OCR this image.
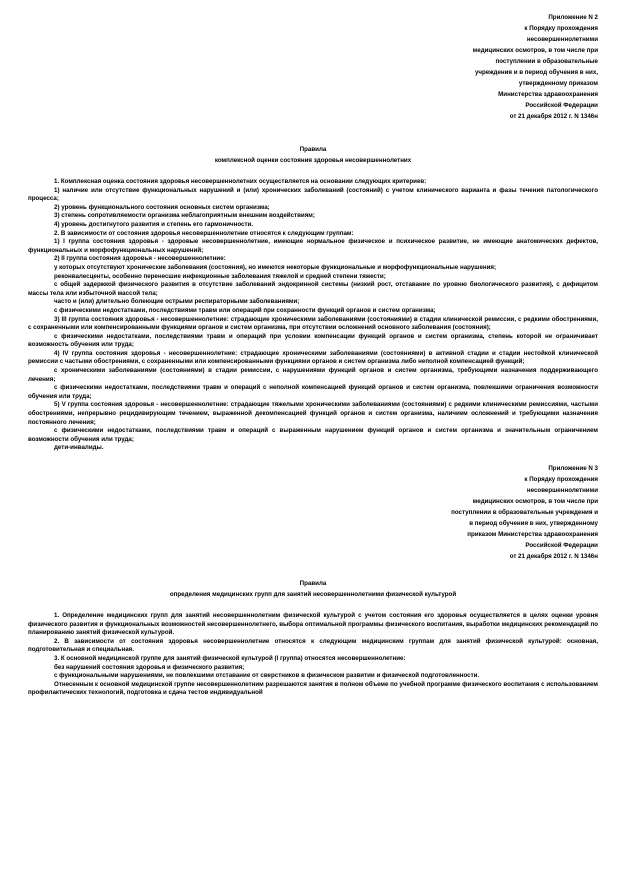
Приложение N 2
к Порядку прохождения
несовершеннолетними
медицинских осмотров, в том числе при
поступлении в образовательные
учреждения и в период обучения в них,
утвержденному приказом
Министерства здравоохранения
Российской Федерации
от 21 декабря 2012 г. N 1346н
Правила
комплексной оценки состояния здоровья несовершеннолетних

1. Комплексная оценка состояния здоровья несовершеннолетних осуществляется на основании следующих критериев:

1) наличие или отсутствие функциональных нарушений и (или) хронических заболеваний (состояний) с учетом клинического варианта и фазы течения патологического процесса;

2) уровень функционального состояния основных систем организма;

3) степень сопротивляемости организма неблагоприятным внешним воздействиям;

4) уровень достигнутого развития и степень его гармоничности.

2. В зависимости от состояния здоровья несовершеннолетние относятся к следующим группам:

1) I группа состояния здоровья - здоровые несовершеннолетние, имеющие нормальное физическое и психическое развитие, не имеющие анатомических дефектов, функциональных и морфофункциональных нарушений;

2) II группа состояния здоровья - несовершеннолетние:

у которых отсутствуют хронические заболевания (состояния), но имеются некоторые функциональные и морфофункциональные нарушения;

реконвалесценты, особенно перенесшие инфекционные заболевания тяжелой и средней степени тяжести;

с общей задержкой физического развития в отсутствие заболеваний эндокринной системы (низкий рост, отставание по уровню биологического развития), с дефицитом массы тела или избыточной массой тела;

часто и (или) длительно болеющие острыми респираторными заболеваниями;

с физическими недостатками, последствиями травм или операций при сохранности функций органов и систем организма;

3) III группа состояния здоровья - несовершеннолетние: страдающие хроническими заболеваниями (состояниями) в стадии клинической ремиссии, с редкими обострениями, с сохраненными или компенсированными функциями органов и систем организма, при отсутствии осложнений основного заболевания (состояния);

с физическими недостатками, последствиями травм и операций при условии компенсации функций органов и систем организма, степень которой не ограничивает возможность обучения или труда;

4) IV группа состояния здоровья - несовершеннолетние: страдающие хроническими заболеваниями (состояниями) в активной стадии и стадии нестойкой клинической ремиссии с частыми обострениями, с сохраненными или компенсированными функциями органов и систем организма либо неполной компенсацией функций;

с хроническими заболеваниями (состояниями) в стадии ремиссии, с нарушениями функций органов и систем организма, требующими назначения поддерживающего лечения;

с физическими недостатками, последствиями травм и операций с неполной компенсацией функций органов и систем организма, повлекшими ограничения возможности обучения или труда;

5) V группа состояния здоровья - несовершеннолетние: страдающие тяжелыми хроническими заболеваниями (состояниями) с редкими клиническими ремиссиями, частыми обострениями, непрерывно рецидивирующим течением, выраженной декомпенсацией функций органов и систем организма, наличием осложнений и требующими назначения постоянного лечения;

с физическими недостатками, последствиями травм и операций с выраженным нарушением функций органов и систем организма и значительным ограничением возможности обучения или труда;

дети-инвалиды.

Приложение N 3
к Порядку прохождения
несовершеннолетними
медицинских осмотров, в том числе при
поступлении в образовательные учреждения и
в период обучения в них, утвержденному
приказом Министерства здравоохранения
Российской Федерации
от 21 декабря 2012 г. N 1346н
Правила
определения медицинских групп для занятий несовершеннолетними физической культурой

1. Определение медицинских групп для занятий несовершеннолетним физической культурой с учетом состояния его здоровья осуществляется в целях оценки уровня физического развития и функциональных возможностей несовершеннолетнего, выбора оптимальной программы физического воспитания, выработки медицинских рекомендаций по планированию занятий физической культурой.

2. В зависимости от состояния здоровья несовершеннолетние относятся к следующим медицинским группам для занятий физической культурой: основная, подготовительная и специальная.

3. К основной медицинской группе для занятий физической культурой (I группа) относятся несовершеннолетние:

без нарушений состояния здоровья и физического развития;

с функциональными нарушениями, не повлекшими отставание от сверстников в физическом развитии и физической подготовленности.

Отнесенным к основной медицинской группе несовершеннолетним разрешаются занятия в полном объеме по учебной программе физического воспитания с использованием профилактических технологий, подготовка и сдача тестов индивидуальной
